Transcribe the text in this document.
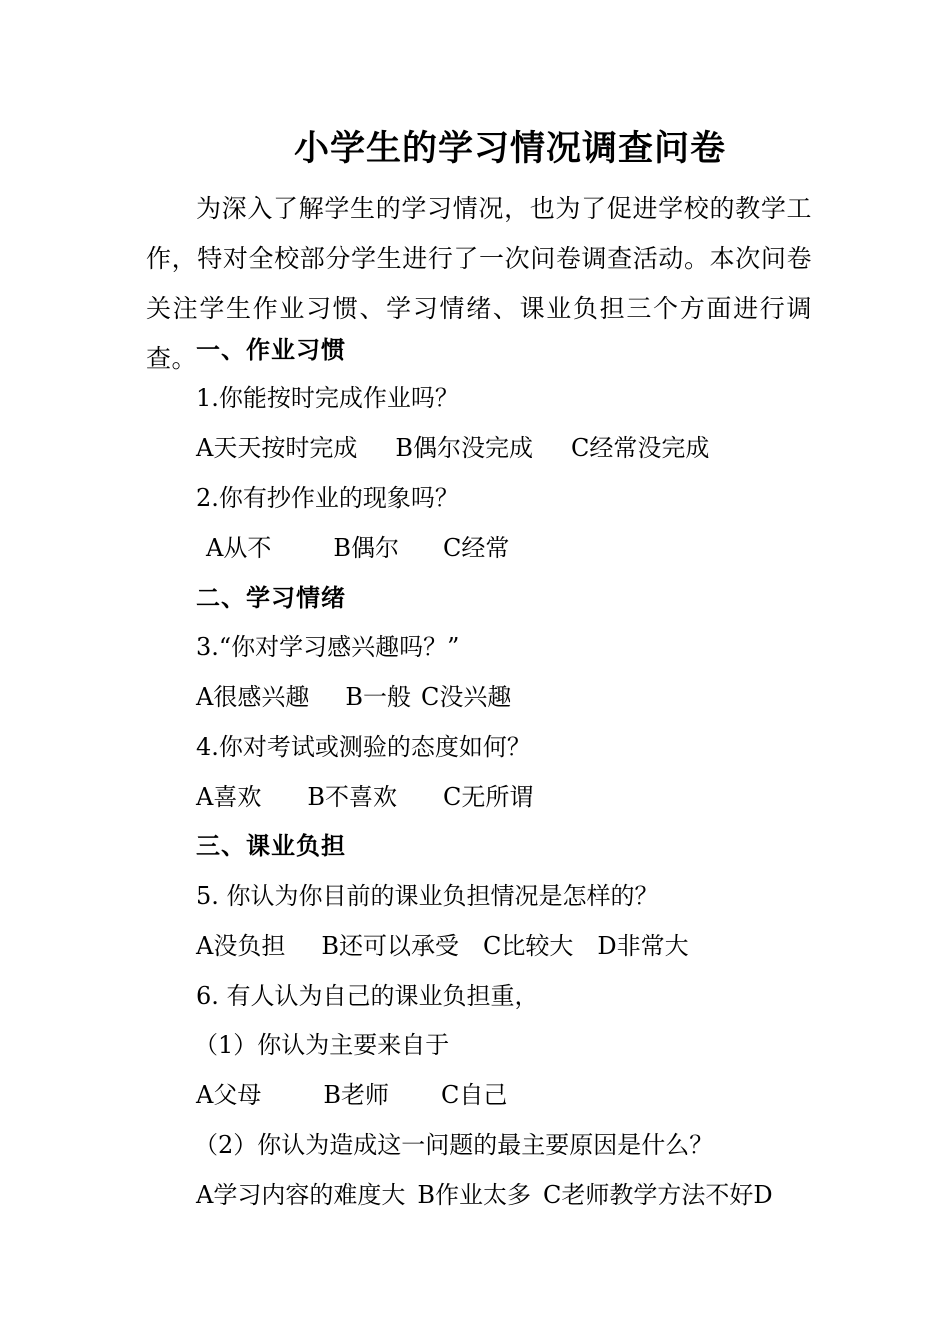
小学生的学习情况调查问卷
为深入了解学生的学习情况，也为了促进学校的教学工作，特对全校部分学生进行了一次问卷调查活动。本次问卷关注学生作业习惯、学习情绪、课业负担三个方面进行调查。
一、作业习惯
1.你能按时完成作业吗？
A天天按时完成 B偶尔没完成 C经常没完成
2.你有抄作业的现象吗？
A从不	B偶尔 C经常
二、学习情绪
3.“你对学习感兴趣吗？”
A很感兴趣 B一般 C没兴趣
4.你对考试或测验的态度如何？
A喜欢 B不喜欢 C无所谓
三、课业负担
5. 你认为你目前的课业负担情况是怎样的？
A没负担 B还可以承受 C比较大 D非常大
6. 有人认为自己的课业负担重，
（1）你认为主要来自于
A父母	B老师 C自己
（2）你认为造成这一问题的最主要原因是什么？
A学习内容的难度大 B作业太多 C老师教学方法不好D
